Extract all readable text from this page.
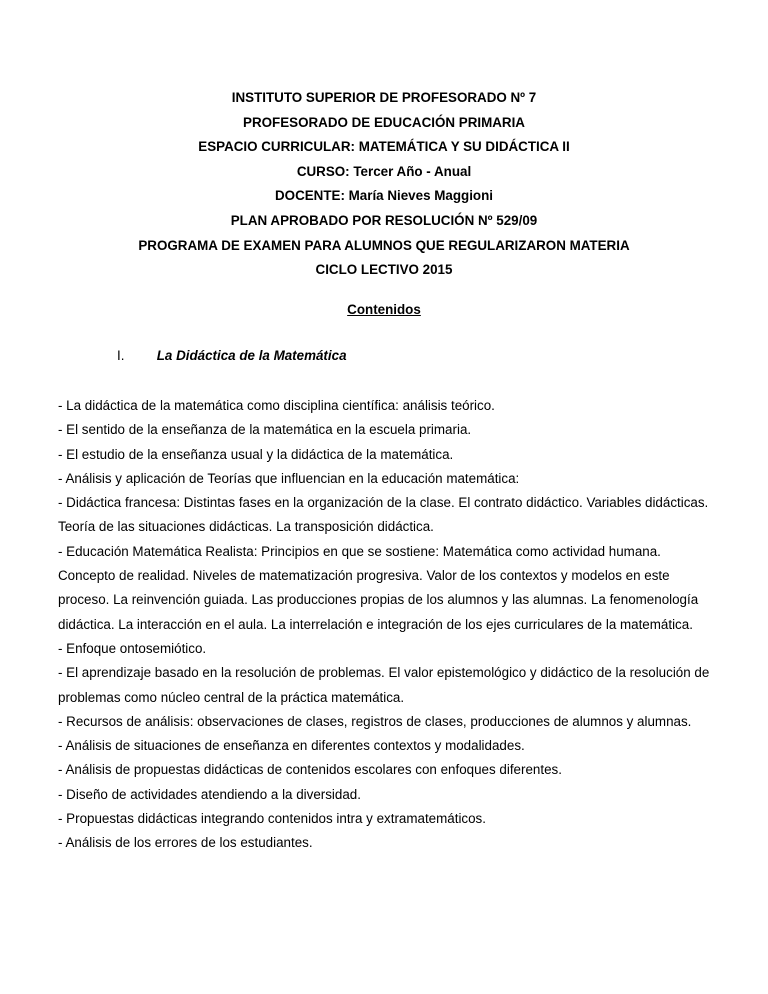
INSTITUTO SUPERIOR DE PROFESORADO Nº 7
PROFESORADO DE EDUCACIÓN PRIMARIA
ESPACIO CURRICULAR: MATEMÁTICA Y SU DIDÁCTICA II
CURSO: Tercer Año - Anual
DOCENTE: María Nieves Maggioni
PLAN APROBADO POR RESOLUCIÓN Nº 529/09
PROGRAMA DE EXAMEN PARA ALUMNOS QUE REGULARIZARON MATERIA
CICLO LECTIVO 2015
Contenidos
I. La Didáctica de la Matemática

- La didáctica de la matemática como disciplina científica: análisis teórico.

- El sentido de la enseñanza de la matemática en la escuela primaria.

- El estudio de la enseñanza usual y la didáctica de la matemática.

- Análisis y aplicación de Teorías que influencian en la educación matemática:

- Didáctica francesa: Distintas fases en la organización de la clase. El contrato didáctico. Variables didácticas. Teoría de las situaciones didácticas. La transposición didáctica.

- Educación Matemática Realista: Principios en que se sostiene: Matemática como actividad humana. Concepto de realidad. Niveles de matematización progresiva. Valor de los contextos y modelos en este proceso. La reinvención guiada. Las producciones propias de los alumnos y las alumnas. La fenomenología didáctica. La interacción en el aula. La interrelación e integración de los ejes curriculares de la matemática.

- Enfoque ontosemiótico.

- El aprendizaje basado en la resolución de problemas. El valor epistemológico y didáctico de la resolución de problemas como núcleo central de la práctica matemática.

- Recursos de análisis: observaciones de clases, registros de clases, producciones de alumnos y alumnas.

- Análisis de situaciones de enseñanza en diferentes contextos y modalidades.

- Análisis de propuestas didácticas de contenidos escolares con enfoques diferentes.

- Diseño de actividades atendiendo a la diversidad.

- Propuestas didácticas integrando contenidos intra y extramatemáticos.

- Análisis de los errores de los estudiantes.
